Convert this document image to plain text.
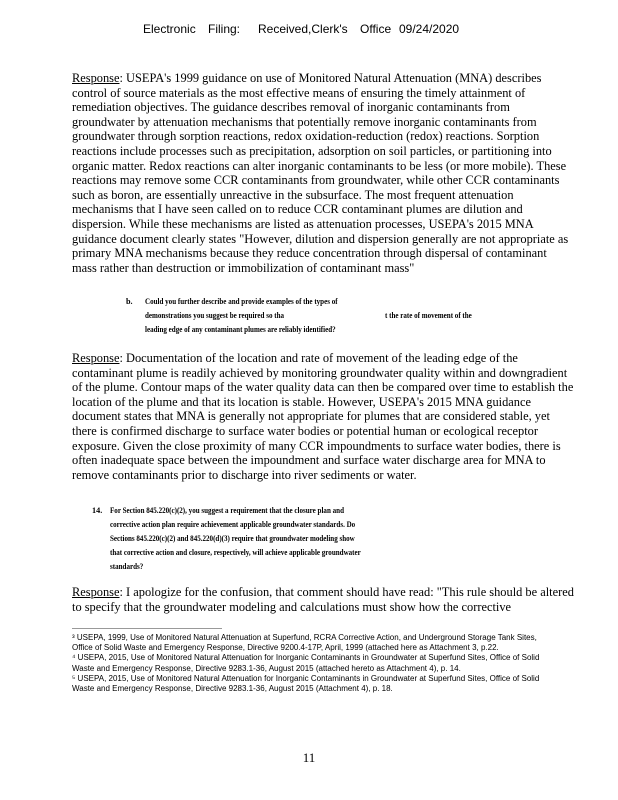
Electronic Filing: Received,Clerk's Office 09/24/2020

Response: USEPA's 1999 guidance on use of Monitored Natural Attenuation (MNA) describes control of source materials as the most effective means of ensuring the timely attainment of remediation objectives. The guidance describes removal of inorganic contaminants from groundwater by attenuation mechanisms that potentially remove inorganic contaminants from groundwater through sorption reactions, redox oxidation-reduction (redox) reactions. Sorption reactions include processes such as precipitation, adsorption on soil particles, or partitioning into organic matter. Redox reactions can alter inorganic contaminants to be less (or more mobile). These reactions may remove some CCR contaminants from groundwater, while other CCR contaminants such as boron, are essentially unreactive in the subsurface. The most frequent attenuation mechanisms that I have seen called on to reduce CCR contaminant plumes are dilution and dispersion. While these mechanisms are listed as attenuation processes, USEPA's 2015 MNA guidance document clearly states "However, dilution and dispersion generally are not appropriate as primary MNA mechanisms because they reduce concentration through dispersal of contaminant mass rather than destruction or immobilization of contaminant mass"

b. Could you further describe and provide examples of the types of
demonstrations you suggest be required so tha	t the rate of movement of the
leading edge of any contaminant plumes are reliably identified?

Response: Documentation of the location and rate of movement of the leading edge of the contaminant plume is readily achieved by monitoring groundwater quality within and downgradient of the plume. Contour maps of the water quality data can then be compared over time to establish the location of the plume and that its location is stable. However, USEPA's 2015 MNA guidance document states that MNA is generally not appropriate for plumes that are considered stable, yet there is confirmed discharge to surface water bodies or potential human or ecological receptor exposure. Given the close proximity of many CCR impoundments to surface water bodies, there is often inadequate space between the impoundment and surface water discharge area for MNA to remove contaminants prior to discharge into river sediments or water.

14. For Section 845.220(c)(2), you suggest a requirement that the closure plan and
corrective action plan require achievement applicable groundwater standards. Do
Sections 845.220(c)(2) and 845.220(d)(3) require that groundwater modeling show
that corrective action and closure, respectively, will achieve applicable groundwater
standards?

Response: I apologize for the confusion, that comment should have read: "This rule should be altered to specify that the groundwater modeling and calculations must show how the corrective

³ USEPA, 1999, Use of Monitored Natural Attenuation at Superfund, RCRA Corrective Action, and Underground Storage Tank Sites, Office of Solid Waste and Emergency Response, Directive 9200.4-17P, April, 1999 (attached here as Attachment 3, p.22.

⁴ USEPA, 2015, Use of Monitored Natural Attenuation for Inorganic Contaminants in Groundwater at Superfund Sites, Office of Solid Waste and Emergency Response, Directive 9283.1-36, August 2015 (attached hereto as Attachment 4), p. 14.

⁵ USEPA, 2015, Use of Monitored Natural Attenuation for Inorganic Contaminants in Groundwater at Superfund Sites, Office of Solid Waste and Emergency Response, Directive 9283.1-36, August 2015 (Attachment 4), p. 18.

11
